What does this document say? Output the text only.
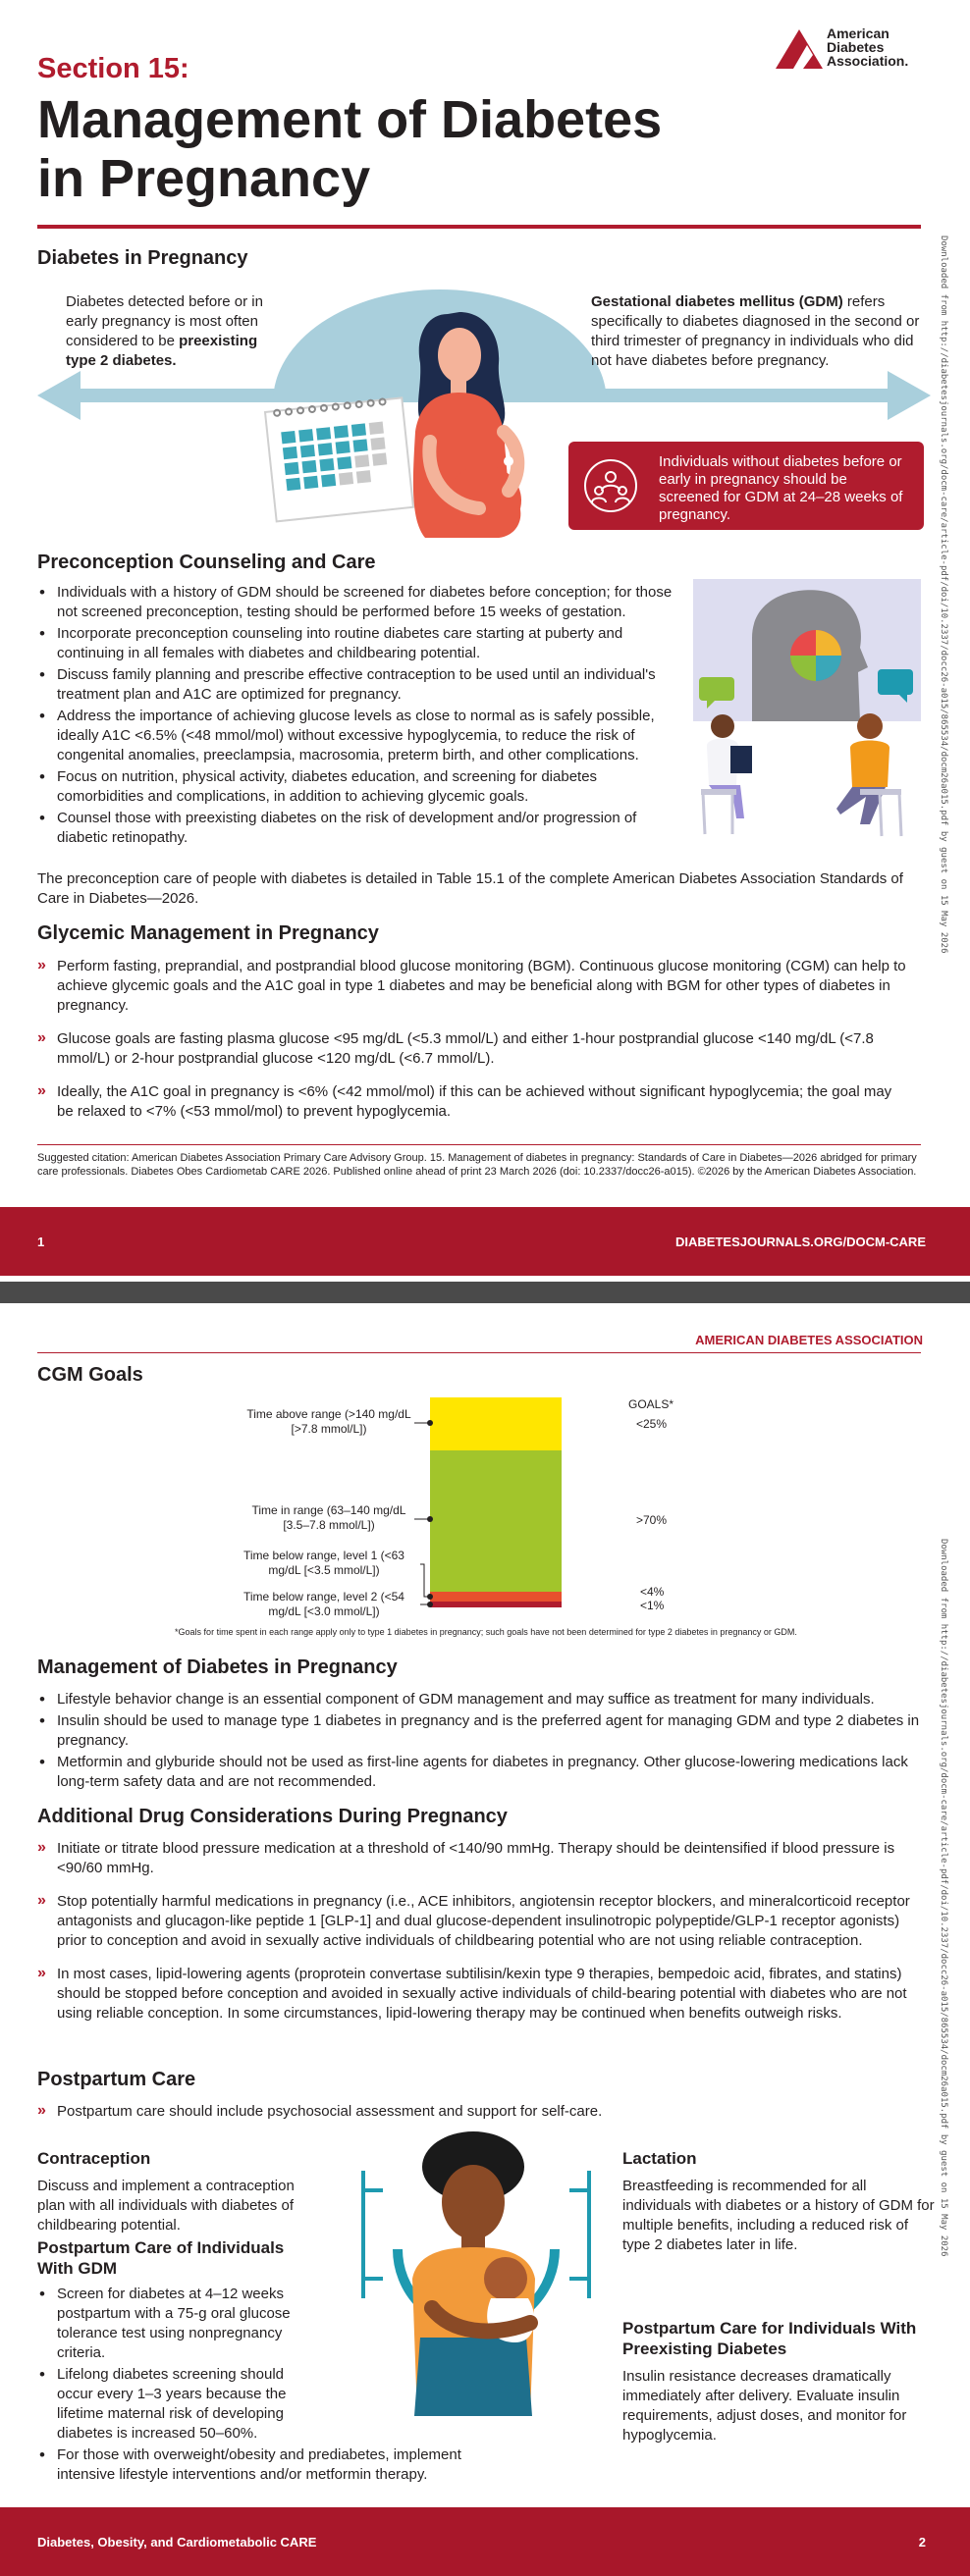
Section 15:
Management of Diabetes
in Pregnancy
American
Diabetes
Association.
Diabetes in Pregnancy
Diabetes detected before or in early pregnancy is most often considered to be preexisting type 2 diabetes.
Gestational diabetes mellitus (GDM) refers specifically to diabetes diagnosed in the second or third trimester of pregnancy in individuals who did not have diabetes before pregnancy.
Individuals without diabetes before or early in pregnancy should be screened for GDM at 24–28 weeks of pregnancy.
Preconception Counseling and Care
• Individuals with a history of GDM should be screened for diabetes before conception; for those not screened preconception, testing should be performed before 15 weeks of gestation.
• Incorporate preconception counseling into routine diabetes care starting at puberty and continuing in all females with diabetes and childbearing potential.
• Discuss family planning and prescribe effective contraception to be used until an individual's treatment plan and A1C are optimized for pregnancy.
• Address the importance of achieving glucose levels as close to normal as is safely possible, ideally A1C <6.5% (<48 mmol/mol) without excessive hypoglycemia, to reduce the risk of congenital anomalies, preeclampsia, macrosomia, preterm birth, and other complications.
• Focus on nutrition, physical activity, diabetes education, and screening for diabetes comorbidities and complications, in addition to achieving glycemic goals.
• Counsel those with preexisting diabetes on the risk of development and/or progression of diabetic retinopathy.

The preconception care of people with diabetes is detailed in Table 15.1 of the complete American Diabetes Association Standards of Care in Diabetes—2026.

Glycemic Management in Pregnancy
» Perform fasting, preprandial, and postprandial blood glucose monitoring (BGM). Continuous glucose monitoring (CGM) can help to achieve glycemic goals and the A1C goal in type 1 diabetes and may be beneficial along with BGM for other types of diabetes in pregnancy.
» Glucose goals are fasting plasma glucose <95 mg/dL (<5.3 mmol/L) and either 1-hour postprandial glucose <140 mg/dL (<7.8 mmol/L) or 2-hour postprandial glucose <120 mg/dL (<6.7 mmol/L).
» Ideally, the A1C goal in pregnancy is <6% (<42 mmol/mol) if this can be achieved without significant hypoglycemia; the goal may be relaxed to <7% (<53 mmol/mol) to prevent hypoglycemia.
Suggested citation: American Diabetes Association Primary Care Advisory Group. 15. Management of diabetes in pregnancy: Standards of Care in Diabetes—2026 abridged for primary care professionals. Diabetes Obes Cardiometab CARE 2026. Published online ahead of print 23 March 2026 (doi: 10.2337/docc26-a015). ©2026 by the American Diabetes Association.
1	DIABETESJOURNALS.ORG/DOCM-CARE
Downloaded from http://diabetesjournals.org/docm-care/article-pdf/doi/10.2337/docc26-a015/865534/docm26a015.pdf by guest on 15 May 2026
AMERICAN DIABETES ASSOCIATION
CGM Goals
Time above range (>140 mg/dL [>7.8 mmol/L])
Time in range (63–140 mg/dL [3.5–7.8 mmol/L])
Time below range, level 1 (<63 mg/dL [<3.5 mmol/L])
Time below range, level 2 (<54 mg/dL [<3.0 mmol/L])
GOALS*
<25%
>70%
<4%
<1%
*Goals for time spent in each range apply only to type 1 diabetes in pregnancy; such goals have not been determined for type 2 diabetes in pregnancy or GDM.
Management of Diabetes in Pregnancy
• Lifestyle behavior change is an essential component of GDM management and may suffice as treatment for many individuals.
• Insulin should be used to manage type 1 diabetes in pregnancy and is the preferred agent for managing GDM and type 2 diabetes in pregnancy.
• Metformin and glyburide should not be used as first-line agents for diabetes in pregnancy. Other glucose-lowering medications lack long-term safety data and are not recommended.
Additional Drug Considerations During Pregnancy
» Initiate or titrate blood pressure medication at a threshold of <140/90 mmHg. Therapy should be deintensified if blood pressure is <90/60 mmHg.
» Stop potentially harmful medications in pregnancy (i.e., ACE inhibitors, angiotensin receptor blockers, and mineralcorticoid receptor antagonists and glucagon-like peptide 1 [GLP-1] and dual glucose-dependent insulinotropic polypeptide/GLP-1 receptor agonists) prior to conception and avoid in sexually active individuals of childbearing potential who are not using reliable contraception.
» In most cases, lipid-lowering agents (proprotein convertase subtilisin/kexin type 9 therapies, bempedoic acid, fibrates, and statins) should be stopped before conception and avoided in sexually active individuals of child-bearing potential with diabetes who are not using reliable conception. In some circumstances, lipid-lowering therapy may be continued when benefits outweigh risks.
Postpartum Care
» Postpartum care should include psychosocial assessment and support for self-care.
Contraception

Discuss and implement a contraception plan with all individuals with diabetes of childbearing potential.

Postpartum Care of Individuals With GDM
• Screen for diabetes at 4–12 weeks postpartum with a 75-g oral glucose tolerance test using nonpregnancy criteria.
• Lifelong diabetes screening should occur every 1–3 years because the lifetime maternal risk of developing diabetes is increased 50–60%.
• For those with overweight/obesity and prediabetes, implement intensive lifestyle interventions and/or metformin therapy.
Lactation

Breastfeeding is recommended for all individuals with diabetes or a history of GDM for multiple benefits, including a reduced risk of type 2 diabetes later in life.

Postpartum Care for Individuals With Preexisting Diabetes

Insulin resistance decreases dramatically immediately after delivery. Evaluate insulin requirements, adjust doses, and monitor for hypoglycemia.

Diabetes, Obesity, and Cardiometabolic CARE	2
Downloaded from http://diabetesjournals.org/docm-care/article-pdf/doi/10.2337/docc26-a015/865534/docm26a015.pdf by guest on 15 May 2026
